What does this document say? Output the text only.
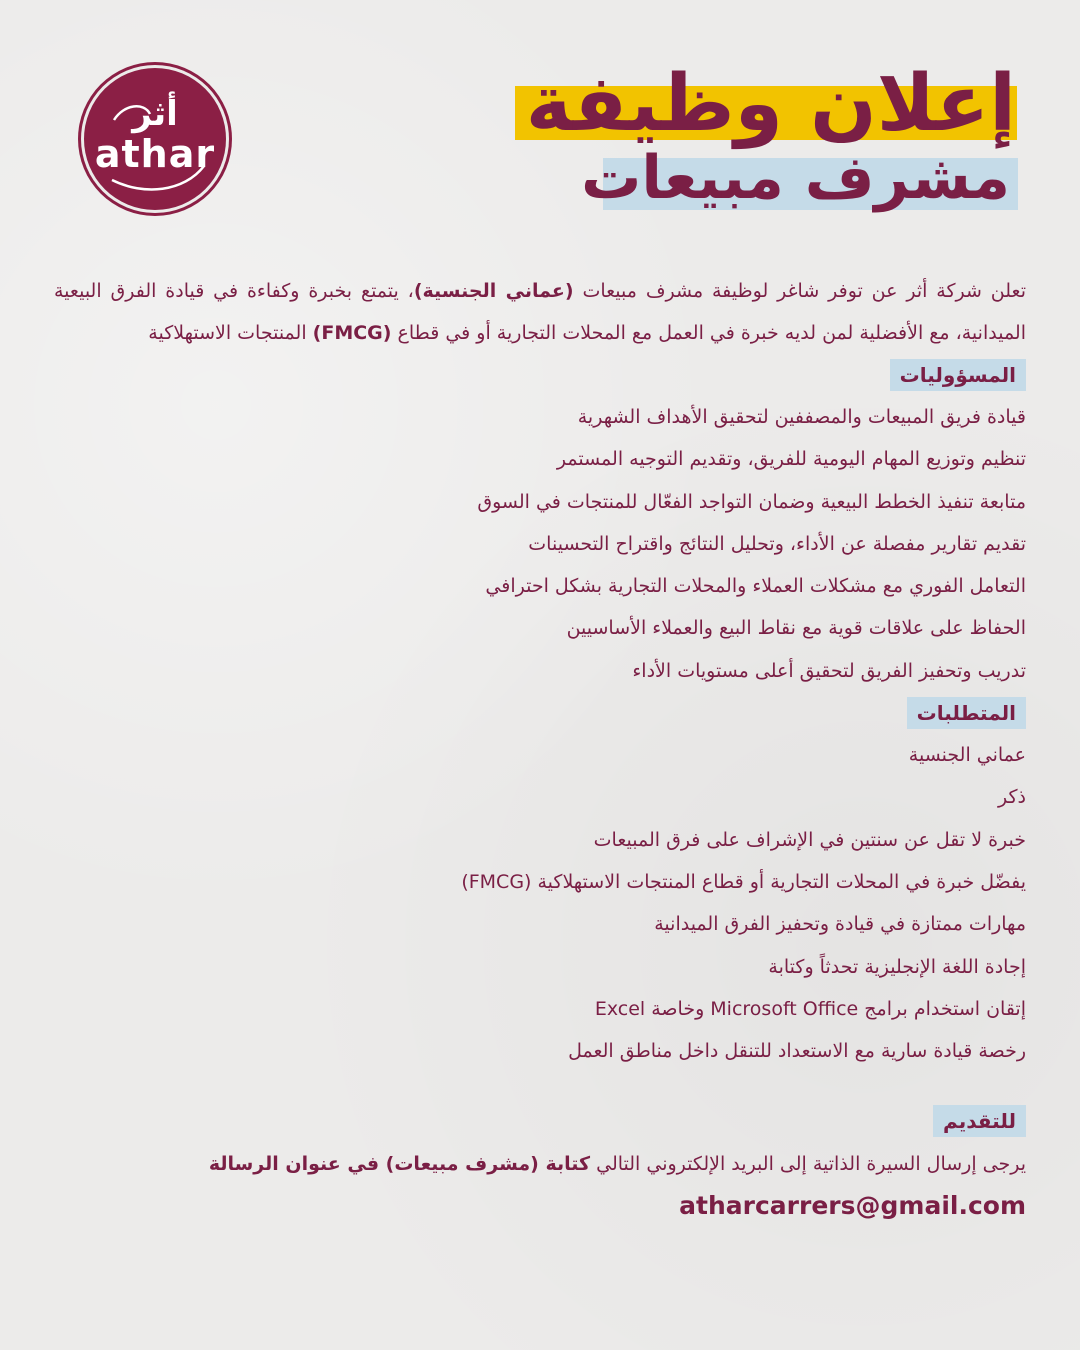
أثر
athar
إعلان وظيفة
مشرف مبيعات

تعلن شركة أثر عن توفر شاغر لوظيفة مشرف مبيعات (عماني الجنسية)، يتمتع بخبرة وكفاءة في قيادة الفرق البيعية الميدانية، مع الأفضلية لمن لديه خبرة في العمل مع المحلات التجارية أو في قطاع (FMCG) المنتجات الاستهلاكية

المسؤوليات
قيادة فريق المبيعات والمصففين لتحقيق الأهداف الشهرية
تنظيم وتوزيع المهام اليومية للفريق، وتقديم التوجيه المستمر
متابعة تنفيذ الخطط البيعية وضمان التواجد الفعّال للمنتجات في السوق
تقديم تقارير مفصلة عن الأداء، وتحليل النتائج واقتراح التحسينات
التعامل الفوري مع مشكلات العملاء والمحلات التجارية بشكل احترافي
الحفاظ على علاقات قوية مع نقاط البيع والعملاء الأساسيين
تدريب وتحفيز الفريق لتحقيق أعلى مستويات الأداء
المتطلبات
عماني الجنسية
ذكر
خبرة لا تقل عن سنتين في الإشراف على فرق المبيعات
يفضّل خبرة في المحلات التجارية أو قطاع المنتجات الاستهلاكية (FMCG)
مهارات ممتازة في قيادة وتحفيز الفرق الميدانية
إجادة اللغة الإنجليزية تحدثاً وكتابة
إتقان استخدام برامج Microsoft Office وخاصة Excel
رخصة قيادة سارية مع الاستعداد للتنقل داخل مناطق العمل
للتقديم
يرجى إرسال السيرة الذاتية إلى البريد الإلكتروني التالي كتابة (مشرف مبيعات) في عنوان الرسالة
atharcarrers@gmail.com
